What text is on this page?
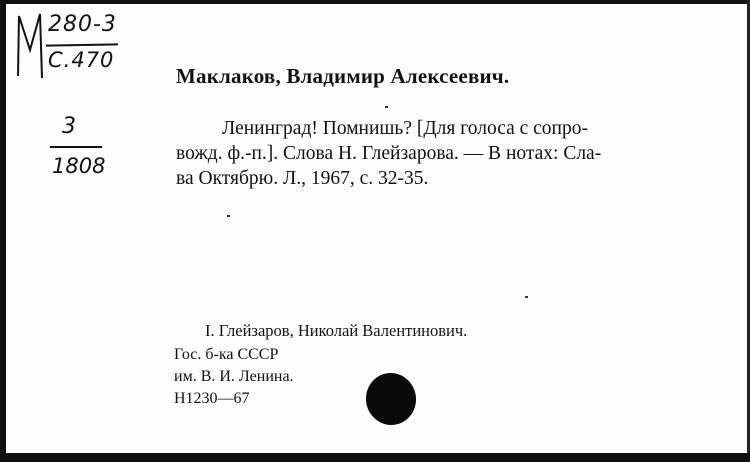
280-3
C.470
3
1808
Маклаков, Владимир Алексеевич.
Ленинград! Помнишь? [Для голоса с сопро-
вожд. ф.-п.]. Слова Н. Глейзарова. — В нотах: Сла-
ва Октябрю. Л., 1967, с. 32-35.
I. Глейзаров, Николай Валентинович.
Гос. б-ка СССР
им. В. И. Ленина.
Н1230—67
